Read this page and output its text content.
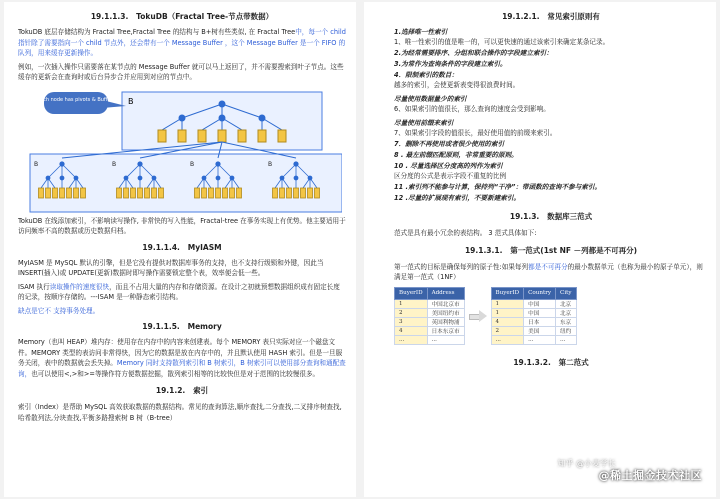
19.1.1.3.   TokuDB（Fractal Tree-节点带数据）

TokuDB 底层存储结构为 Fractal Tree,Fractal Tree 的结构与 B+树有些类似, 在 Fractal Tree中，每一个 child 指针除了需要指向一个 child 节点外，还会带有一个 Message Buffer ，这个 Message Buffer 是一个 FIFO 的队列，用来缓存更新操作。

例如，一次插入操作只需要落在某节点的 Message Buffer 就可以马上返回了，并不需要搜索到叶子节点。这些缓存的更新会在查询时或后台异步合并应用到对应的节点中。

B
Each node has pivots & Buffers
B	B	B	B

TokuDB 在线添加索引，不影响读写操作, 非常快的写入性能，Fractal-tree 在事务实现上有优势。他主要适用于访问频率不高的数据或历史数据归档。

19.1.1.4.   MyIASM

MyIASM 是 MySQL 默认的引擎，但是它没有提供对数据库事务的支持，也不支持行级锁和外键，因此当 INSERT(插入)或 UPDATE(更新)数据时即写操作需要锁定整个表，效率便会低一些。

ISAM 执行读取操作的速度很快，而且不占用大量的内存和存储资源。在设计之初就预想数据组织成有固定长度的记录，按顺序存储的。---ISAM 是一种静态索引结构。

缺点是它不 支持事务处理。

19.1.1.5.   Memory

Memory（也叫 HEAP）堆内存：使用存在内存中的内容来创建表。每个 MEMORY 表只实际对应一个磁盘文件。MEMORY 类型的表访问非常得快，因为它的数据是放在内存中的，并且默认使用 HASH 索引。但是一旦服务关闭，表中的数据就会丢失掉。Memory 同时支持散列索引和 B 树索引，B 树索引可以使用部分查询和通配查询，也可以使用<,>和>=等操作符方便数据挖掘，散列索引相等的比较快但是对于范围的比较慢很多。

19.1.2.   索引

索引（Index）是帮助 MySQL 高效获取数据的数据结构。常见的查询算法,顺序查找,二分查找,二叉排序树查找,哈希散列法,分块查找,平衡多路搜索树 B 树（B-tree）

19.1.2.1.   常见索引原则有
1.选择唯一性索引
1、唯一性索引的值是唯一的，可以更快速的通过该索引来确定某条记录。
2.为经常需要排序、分组和联合操作的字段建立索引：
3.为常作为查询条件的字段建立索引。
4．限制索引的数目：
越多的索引，会使更新表变得很浪费时间。
尽量使用数据量少的索引
6、如果索引的值很长，那么查询的速度会受到影响。
尽量使用前缀来索引
7、如果索引字段的值很长，最好使用值的前缀来索引。
7．删除不再使用或者很少使用的索引
8 . 最左前缀匹配原则，非常重要的原则。
10 . 尽量选择区分度高的列作为索引
区分度的公式是表示字段不重复的比例
11 .索引列不能参与计算，保持列“干净”：带函数的查询不参与索引。
12 .尽量的扩展现有索引，不要新建索引。
19.1.3.   数据库三范式

范式是具有最小冗余的表结构。 3 范式具体如下:

19.1.3.1.   第一范式(1st NF －列都是不可再分)

第一范式的目标是确保每列的原子性:如果每列都是不可再分的最小数据单元（也称为最小的原子单元），则满足第一范式（1NF）

BuyerID	Address
1	中国北京市
2	美国纽约市
3	英国利物浦
4	日本东京市
...	...
BuyerID	Country	City
1	中国	北京
1	中国	北京
4	日本	东京
2	美国	纽约
...	...	...
19.1.3.2.   第二范式
知乎 @小麦学长
@稀土掘金技术社区
